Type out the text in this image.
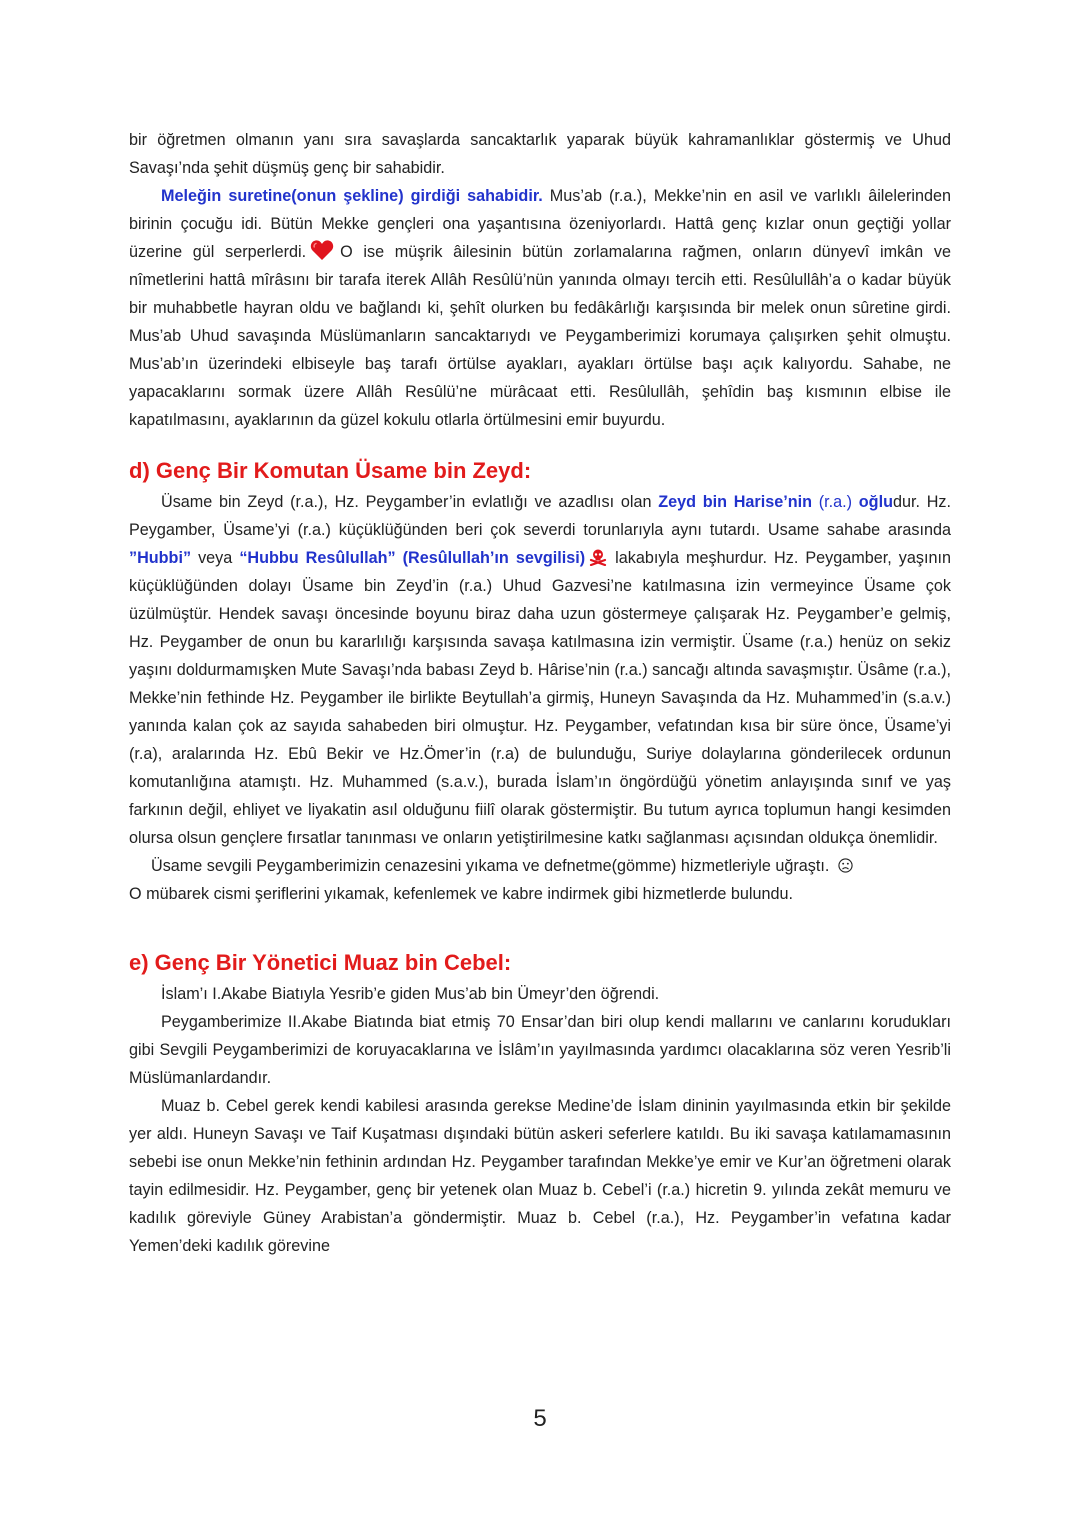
bir öğretmen olmanın yanı sıra savaşlarda sancaktarlık yaparak büyük kahramanlıklar göstermiş ve Uhud Savaşı’nda şehit düşmüş genç bir sahabidir.

Meleğin suretine(onun şekline) girdiği sahabidir. Mus’ab (r.a.), Mekke’nin en asil ve varlıklı âilelerinden birinin çocuğu idi. Bütün Mekke gençleri ona yaşantısına özeniyorlardı. Hattâ genç kızlar onun geçtiği yollar üzerine gül serperlerdi. O ise müşrik âilesinin bütün zorlamalarına rağmen, onların dünyevî imkân ve nîmetlerini hattâ mîrâsını bir tarafa iterek Allâh Resûlü’nün yanında olmayı tercih etti. Resûlullâh’a o kadar büyük bir muhabbetle hayran oldu ve bağlandı ki, şehît olurken bu fedâkârlığı karşısında bir melek onun sûretine girdi. Mus’ab Uhud savaşında Müslümanların sancaktarıydı ve Peygamberimizi korumaya çalışırken şehit olmuştu. Mus’ab’ın üzerindeki elbiseyle baş tarafı örtülse ayakları, ayakları örtülse başı açık kalıyordu. Sahabe, ne yapacaklarını sormak üzere Allâh Resûlü’ne mürâcaat etti. Resûlullâh, şehîdin baş kısmının elbise ile kapatılmasını, ayaklarının da güzel kokulu otlarla örtülmesini emir buyurdu.

d) Genç Bir Komutan Üsame bin Zeyd:

Üsame bin Zeyd (r.a.), Hz. Peygamber’in evlatlığı ve azadlısı olan Zeyd bin Harise’nin (r.a.) oğludur. Hz. Peygamber, Üsame’yi (r.a.) küçüklüğünden beri çok severdi torunlarıyla aynı tutardı. Usame sahabe arasında ”Hubbi” veya “Hubbu Resûlullah” (Resûlullah’ın sevgilisi) lakabıyla meşhurdur. Hz. Peygamber, yaşının küçüklüğünden dolayı Üsame bin Zeyd’in (r.a.) Uhud Gazvesi’ne katılmasına izin vermeyince Üsame çok üzülmüştür. Hendek savaşı öncesinde boyunu biraz daha uzun göstermeye çalışarak Hz. Peygamber’e gelmiş, Hz. Peygamber de onun bu kararlılığı karşısında savaşa katılmasına izin vermiştir. Üsame (r.a.) henüz on sekiz yaşını doldurmamışken Mute Savaşı’nda babası Zeyd b. Hârise’nin (r.a.) sancağı altında savaşmıştır. Üsâme (r.a.), Mekke’nin fethinde Hz. Peygamber ile birlikte Beytullah’a girmiş, Huneyn Savaşında da Hz. Muhammed’in (s.a.v.) yanında kalan çok az sayıda sahabeden biri olmuştur. Hz. Peygamber, vefatından kısa bir süre önce, Üsame’yi (r.a), aralarında Hz. Ebû Bekir ve Hz.Ömer’in (r.a) de bulunduğu, Suriye dolaylarına gönderilecek ordunun komutanlığına atamıştı. Hz. Muhammed (s.a.v.), burada İslam’ın öngördüğü yönetim anlayışında sınıf ve yaş farkının değil, ehliyet ve liyakatin asıl olduğunu fiilî olarak göstermiştir. Bu tutum ayrıca toplumun hangi kesimden olursa olsun gençlere fırsatlar tanınması ve onların yetiştirilmesine katkı sağlanması açısından oldukça önemlidir.

Üsame sevgili Peygamberimizin cenazesini yıkama ve defnetme(gömme) hizmetleriyle uğraştı.

O mübarek cismi şeriflerini yıkamak, kefenlemek ve kabre indirmek gibi hizmetlerde bulundu.

e) Genç Bir Yönetici Muaz bin Cebel:

İslam’ı I.Akabe Biatıyla Yesrib’e giden Mus’ab bin Ümeyr’den öğrendi.

Peygamberimize II.Akabe Biatında biat etmiş 70 Ensar’dan biri olup kendi mallarını ve canlarını korudukları gibi Sevgili Peygamberimizi de koruyacaklarına ve İslâm’ın yayılmasında yardımcı olacaklarına söz veren Yesrib’li Müslümanlardandır.

Muaz b. Cebel gerek kendi kabilesi arasında gerekse Medine’de İslam dininin yayılmasında etkin bir şekilde yer aldı. Huneyn Savaşı ve Taif Kuşatması dışındaki bütün askeri seferlere katıldı. Bu iki savaşa katılamamasının sebebi ise onun Mekke’nin fethinin ardından Hz. Peygamber tarafından Mekke’ye emir ve Kur’an öğretmeni olarak tayin edilmesidir. Hz. Peygamber, genç bir yetenek olan Muaz b. Cebel’i (r.a.) hicretin 9. yılında zekât memuru ve kadılık göreviyle Güney Arabistan’a göndermiştir. Muaz b. Cebel (r.a.), Hz. Peygamber’in vefatına kadar Yemen’deki kadılık görevine

5
